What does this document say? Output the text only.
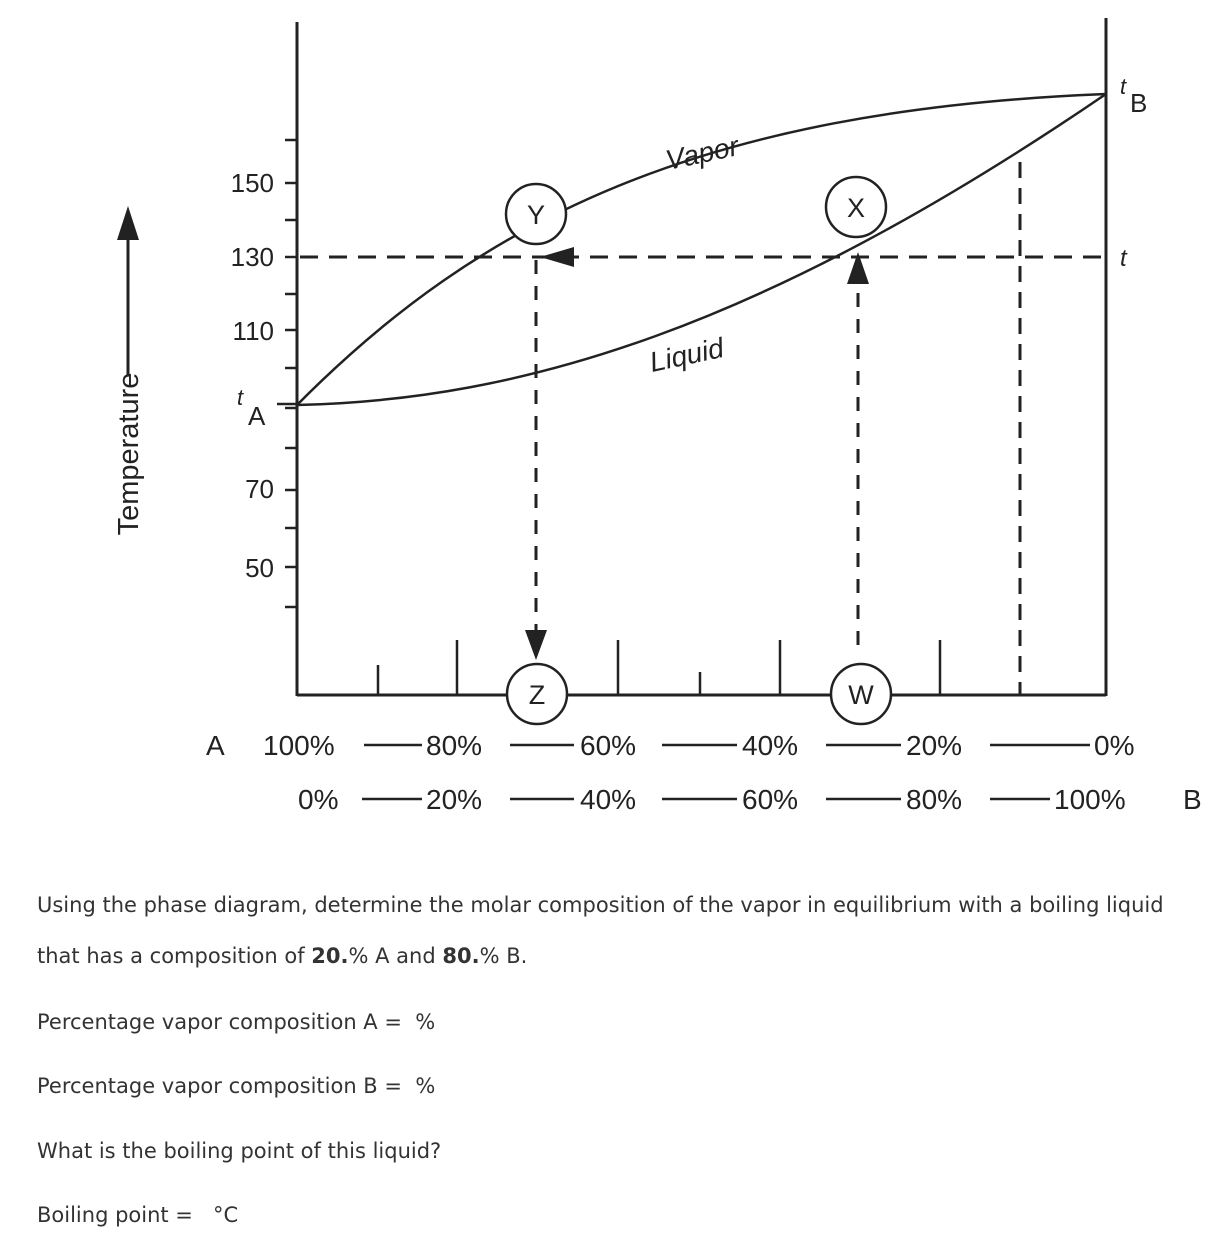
150
130
110
70
50
t
A
t
B
t
Temperature
Vapor
Liquid
Y	X
Z	W
A 100%	80%	60%	40%	20%	0%
0%	20%	40%	60%	80%	100% B
Using the phase diagram, determine the molar composition of the vapor in equilibrium with a boiling liquid
that has a composition of 20.% A and 80.% B.
Percentage vapor composition A = %
Percentage vapor composition B = %
What is the boiling point of this liquid?
Boiling point = °C
